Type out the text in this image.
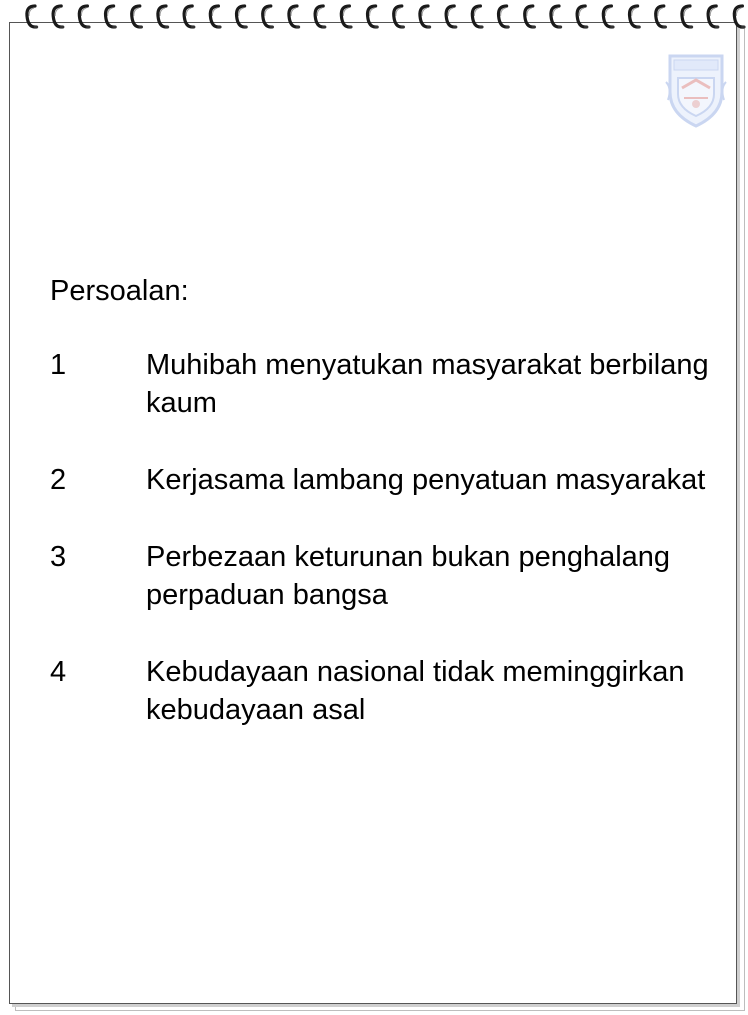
Persoalan:
1	Muhibah menyatukan masyarakat berbilang kaum
2	Kerjasama lambang penyatuan masyarakat
3	Perbezaan keturunan bukan penghalang perpaduan bangsa
4	Kebudayaan nasional tidak meminggirkan kebudayaan asal
